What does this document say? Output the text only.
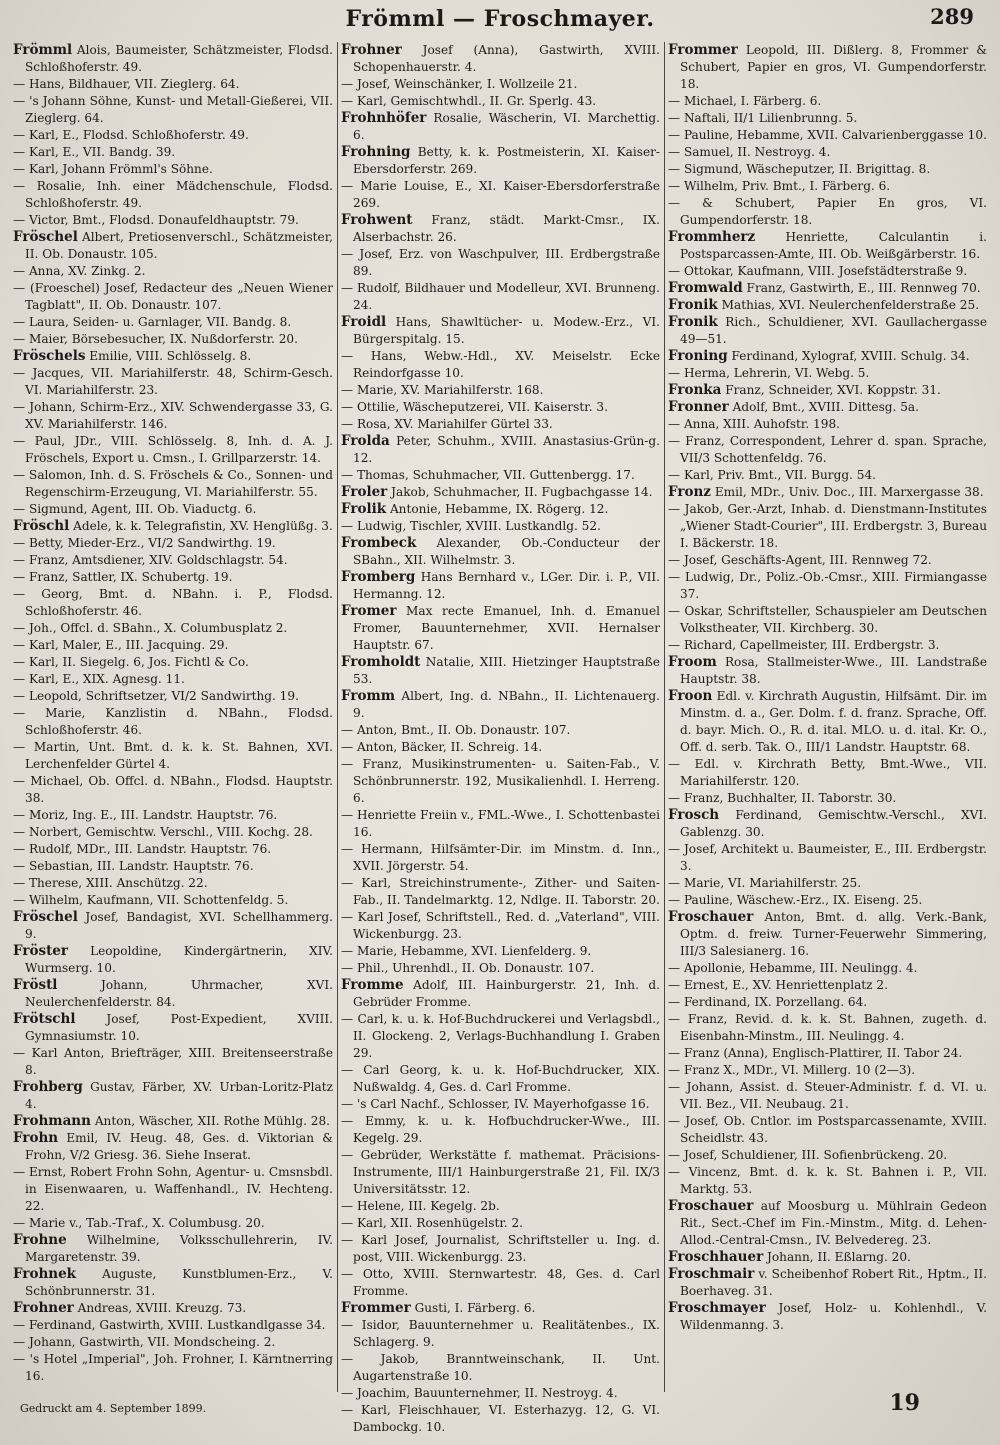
Frömml — Froschmayer.	289

Frömml Alois, Baumeister, Schätzmeister, Flodsd. Schloßhoferstr. 49.

— Hans, Bildhauer, VII. Zieglerg. 64.

— 's Johann Söhne, Kunst- und Metall-Gießerei, VII. Zieglerg. 64.

— Karl, E., Flodsd. Schloßhoferstr. 49.

— Karl, E., VII. Bandg. 39.

— Karl, Johann Frömml's Söhne.

— Rosalie, Inh. einer Mädchenschule, Flodsd. Schloßhoferstr. 49.

— Victor, Bmt., Flodsd. Donaufeldhauptstr. 79.

Fröschel Albert, Pretiosenverschl., Schätzmeister, II. Ob. Donaustr. 105.

— Anna, XV. Zinkg. 2.

— (Froeschel) Josef, Redacteur des „Neuen Wiener Tagblatt", II. Ob. Donaustr. 107.

— Laura, Seiden- u. Garnlager, VII. Bandg. 8.

— Maier, Börsebesucher, IX. Nußdorferstr. 20.

Fröschels Emilie, VIII. Schlösselg. 8.

— Jacques, VII. Mariahilferstr. 48, Schirm-Gesch. VI. Mariahilferstr. 23.

— Johann, Schirm-Erz., XIV. Schwendergasse 33, G. XV. Mariahilferstr. 146.

— Paul, JDr., VIII. Schlösselg. 8, Inh. d. A. J. Fröschels, Export u. Cmsn., I. Grillparzerstr. 14.

— Salomon, Inh. d. S. Fröschels & Co., Sonnen- und Regenschirm-Erzeugung, VI. Mariahilferstr. 55.

— Sigmund, Agent, III. Ob. Viaductg. 6.

Fröschl Adele, k. k. Telegrafistin, XV. Henglüßg. 3.

— Betty, Mieder-Erz., VI/2 Sandwirthg. 19.

— Franz, Amtsdiener, XIV. Goldschlagstr. 54.

— Franz, Sattler, IX. Schubertg. 19.

— Georg, Bmt. d. NBahn. i. P., Flodsd. Schloßhoferstr. 46.

— Joh., Offcl. d. SBahn., X. Columbusplatz 2.

— Karl, Maler, E., III. Jacquing. 29.

— Karl, II. Siegelg. 6, Jos. Fichtl & Co.

— Karl, E., XIX. Agnesg. 11.

— Leopold, Schriftsetzer, VI/2 Sandwirthg. 19.

— Marie, Kanzlistin d. NBahn., Flodsd. Schloßhoferstr. 46.

— Martin, Unt. Bmt. d. k. k. St. Bahnen, XVI. Lerchenfelder Gürtel 4.

— Michael, Ob. Offcl. d. NBahn., Flodsd. Hauptstr. 38.

— Moriz, Ing. E., III. Landstr. Hauptstr. 76.

— Norbert, Gemischtw. Verschl., VIII. Kochg. 28.

— Rudolf, MDr., III. Landstr. Hauptstr. 76.

— Sebastian, III. Landstr. Hauptstr. 76.

— Therese, XIII. Anschützg. 22.

— Wilhelm, Kaufmann, VII. Schottenfeldg. 5.

Fröschel Josef, Bandagist, XVI. Schellhammerg. 9.

Fröster Leopoldine, Kindergärtnerin, XIV. Wurmserg. 10.

Fröstl	Johann, Uhrmacher, XVI. Neulerchenfelderstr. 84.

Frötschl	Josef, Post-Expedient, XVIII. Gymnasiumstr. 10.

— Karl Anton, Briefträger, XIII. Breitenseerstraße 8.

Frohberg Gustav, Färber, XV. Urban-Loritz-Platz 4.

Frohmann Anton, Wäscher, XII. Rothe Mühlg. 28.

Frohn Emil, IV. Heug. 48, Ges. d. Viktorian & Frohn, V/2 Griesg. 36. Siehe Inserat.

— Ernst, Robert Frohn Sohn, Agentur- u. Cmsnsbdl. in Eisenwaaren, u. Waffenhandl., IV. Hechteng. 22.

— Marie v., Tab.-Traf., X. Columbusg. 20.

Frohne Wilhelmine, Volksschullehrerin, IV. Margaretenstr. 39.

Frohnek Auguste, Kunstblumen-Erz., V. Schönbrunnerstr. 31.

Frohner Andreas, XVIII. Kreuzg. 73.

— Ferdinand, Gastwirth, XVIII. Lustkandlgasse 34.

— Johann, Gastwirth, VII. Mondscheing. 2.

— 's Hotel „Imperial", Joh. Frohner, I. Kärntnerring 16.

Frohner Josef (Anna), Gastwirth, XVIII. Schopenhauerstr. 4.

— Josef, Weinschänker, I. Wollzeile 21.

— Karl, Gemischtwhdl., II. Gr. Sperlg. 43.

Frohnhöfer Rosalie, Wäscherin, VI. Marchettig. 6.

Frohning Betty, k. k. Postmeisterin, XI. Kaiser-Ebersdorferstr. 269.

— Marie Louise, E., XI. Kaiser-Ebersdorferstraße 269.

Frohwent Franz, städt. Markt-Cmsr., IX. Alserbachstr. 26.

— Josef, Erz. von Waschpulver, III. Erdbergstraße 89.

— Rudolf, Bildhauer und Modelleur, XVI. Brunneng. 24.

Froidl Hans, Shawltücher- u. Modew.-Erz., VI. Bürgerspitalg. 15.

— Hans, Webw.-Hdl., XV. Meiselstr. Ecke Reindorfgasse 10.

— Marie, XV. Mariahilferstr. 168.

— Ottilie, Wäscheputzerei, VII. Kaiserstr. 3.

— Rosa, XV. Mariahilfer Gürtel 33.

Frolda Peter, Schuhm., XVIII. Anastasius-Grün-g. 12.

— Thomas, Schuhmacher, VII. Guttenbergg. 17.

Froler Jakob, Schuhmacher, II. Fugbachgasse 14.

Frolik Antonie, Hebamme, IX. Rögerg. 12.

— Ludwig, Tischler, XVIII. Lustkandlg. 52.

Frombeck Alexander, Ob.-Conducteur der SBahn., XII. Wilhelmstr. 3.

Fromberg Hans Bernhard v., LGer. Dir. i. P., VII. Hermanng. 12.

Fromer Max recte Emanuel, Inh. d. Emanuel Fromer, Bauunternehmer, XVII. Hernalser Hauptstr. 67.

Fromholdt Natalie, XIII. Hietzinger Hauptstraße 53.

Fromm Albert, Ing. d. NBahn., II. Lichtenauerg. 9.

— Anton, Bmt., II. Ob. Donaustr. 107.

— Anton, Bäcker, II. Schreig. 14.

— Franz, Musikinstrumenten- u. Saiten-Fab., V. Schönbrunnerstr. 192, Musikalienhdl. I. Herreng. 6.

— Henriette Freiin v., FML.-Wwe., I. Schottenbastei 16.

— Hermann, Hilfsämter-Dir. im Minstm. d. Inn., XVII. Jörgerstr. 54.

— Karl, Streichinstrumente-, Zither- und Saiten-Fab., II. Tandelmarktg. 12, Ndlge. II. Taborstr. 20.

— Karl Josef, Schriftstell., Red. d. „Vaterland", VIII. Wickenburgg. 23.

— Marie, Hebamme, XVI. Lienfelderg. 9.

— Phil., Uhrenhdl., II. Ob. Donaustr. 107.

Fromme Adolf, III. Hainburgerstr. 21, Inh. d. Gebrüder Fromme.

— Carl, k. u. k. Hof-Buchdruckerei und Verlagsbdl., II. Glockeng. 2, Verlags-Buchhandlung I. Graben 29.

— Carl Georg, k. u. k. Hof-Buchdrucker, XIX. Nußwaldg. 4, Ges. d. Carl Fromme.

— 's Carl Nachf., Schlosser, IV. Mayerhofgasse 16.

— Emmy, k. u. k. Hofbuchdrucker-Wwe., III. Kegelg. 29.

— Gebrüder, Werkstätte f. mathemat. Präcisions-Instrumente, III/1 Hainburgerstraße 21, Fil. IX/3 Universitätsstr. 12.

— Helene, III. Kegelg. 2b.

— Karl, XII. Rosenhügelstr. 2.

— Karl Josef, Journalist, Schriftsteller u. Ing. d. post, VIII. Wickenburgg. 23.

— Otto, XVIII. Sternwartestr. 48, Ges. d. Carl Fromme.

Frommer Gusti, I. Färberg. 6.

— Isidor, Bauunternehmer u. Realitätenbes., IX. Schlagerg. 9.

— Jakob, Branntweinschank, II. Unt. Augartenstraße 10.

— Joachim, Bauunternehmer, II. Nestroyg. 4.

— Karl, Fleischhauer, VI. Esterhazyg. 12, G. VI. Dambockg. 10.

Frommer Leopold, III. Dißlerg. 8, Frommer & Schubert, Papier en gros, VI. Gumpendorferstr. 18.

— Michael, I. Färberg. 6.

— Naftali, II/1 Lilienbrunng. 5.

— Pauline, Hebamme, XVII. Calvarienberggasse 10.

— Samuel, II. Nestroyg. 4.

— Sigmund, Wäscheputzer, II. Brigittag. 8.

— Wilhelm, Priv. Bmt., I. Färberg. 6.

— & Schubert, Papier En gros, VI. Gumpendorferstr. 18.

Frommherz	Henriette, Calculantin i. Postsparcassen-Amte, III. Ob. Weißgärberstr. 16.

— Ottokar, Kaufmann, VIII. Josefstädterstraße 9.

Fromwald Franz, Gastwirth, E., III. Rennweg 70.

Fronik Mathias, XVI. Neulerchenfelderstraße 25.

Fronik Rich., Schuldiener, XVI. Gaullachergasse 49—51.

Froning Ferdinand, Xylograf, XVIII. Schulg. 34.

— Herma, Lehrerin, VI. Webg. 5.

Fronka Franz, Schneider, XVI. Koppstr. 31.

Fronner Adolf, Bmt., XVIII. Dittesg. 5a.

— Anna, XIII. Auhofstr. 198.

— Franz, Correspondent, Lehrer d. span. Sprache, VII/3 Schottenfeldg. 76.

— Karl, Priv. Bmt., VII. Burgg. 54.

Fronz Emil, MDr., Univ. Doc., III. Marxergasse 38.

— Jakob, Ger.-Arzt, Inhab. d. Dienstmann-Institutes „Wiener Stadt-Courier", III. Erdbergstr. 3, Bureau I. Bäckerstr. 18.

— Josef, Geschäfts-Agent, III. Rennweg 72.

— Ludwig, Dr., Poliz.-Ob.-Cmsr., XIII. Firmiangasse 37.

— Oskar, Schriftsteller, Schauspieler am Deutschen Volkstheater, VII. Kirchberg. 30.

— Richard, Capellmeister, III. Erdbergstr. 3.

Froom Rosa, Stallmeister-Wwe., III. Landstraße Hauptstr. 38.

Froon Edl. v. Kirchrath Augustin, Hilfsämt. Dir. im Minstm. d. a., Ger. Dolm. f. d. franz. Sprache, Off. d. bayr. Mich. O., R. d. ital. MLO. u. d. ital. Kr. O., Off. d. serb. Tak. O., III/1 Landstr. Hauptstr. 68.

— Edl. v. Kirchrath Betty, Bmt.-Wwe., VII. Mariahilferstr. 120.

— Franz, Buchhalter, II. Taborstr. 30.

Frosch Ferdinand, Gemischtw.-Verschl., XVI. Gablenzg. 30.

— Josef, Architekt u. Baumeister, E., III. Erdbergstr. 3.

— Marie, VI. Mariahilferstr. 25.

— Pauline, Wäschew.-Erz., IX. Eiseng. 25.

Froschauer Anton, Bmt. d. allg. Verk.-Bank, Optm. d. freiw. Turner-Feuerwehr Simmering, III/3 Salesianerg. 16.

— Apollonie, Hebamme, III. Neulingg. 4.

— Ernest, E., XV. Henriettenplatz 2.

— Ferdinand, IX. Porzellang. 64.

— Franz, Revid. d. k. k. St. Bahnen, zugeth. d. Eisenbahn-Minstm., III. Neulingg. 4.

— Franz (Anna), Englisch-Plattirer, II. Tabor 24.

— Franz X., MDr., VI. Millerg. 10 (2—3).

— Johann, Assist. d. Steuer-Administr. f. d. VI. u. VII. Bez., VII. Neubaug. 21.

— Josef, Ob. Cntlor. im Postsparcassenamte, XVIII. Scheidlstr. 43.

— Josef, Schuldiener, III. Sofienbrückeng. 20.

— Vincenz, Bmt. d. k. k. St. Bahnen i. P., VII. Marktg. 53.

Froschauer auf Moosburg u. Mühlrain Gedeon Rit., Sect.-Chef im Fin.-Minstm., Mitg. d. Lehen-Allod.-Central-Cmsn., IV. Belvedereg. 23.

Froschhauer Johann, II. Eßlarng. 20.

Froschmair v. Scheibenhof Robert Rit., Hptm., II. Boerhaveg. 31.

Froschmayer Josef, Holz- u. Kohlenhdl., V. Wildenmanng. 3.

Gedruckt am 4. September 1899.	19
